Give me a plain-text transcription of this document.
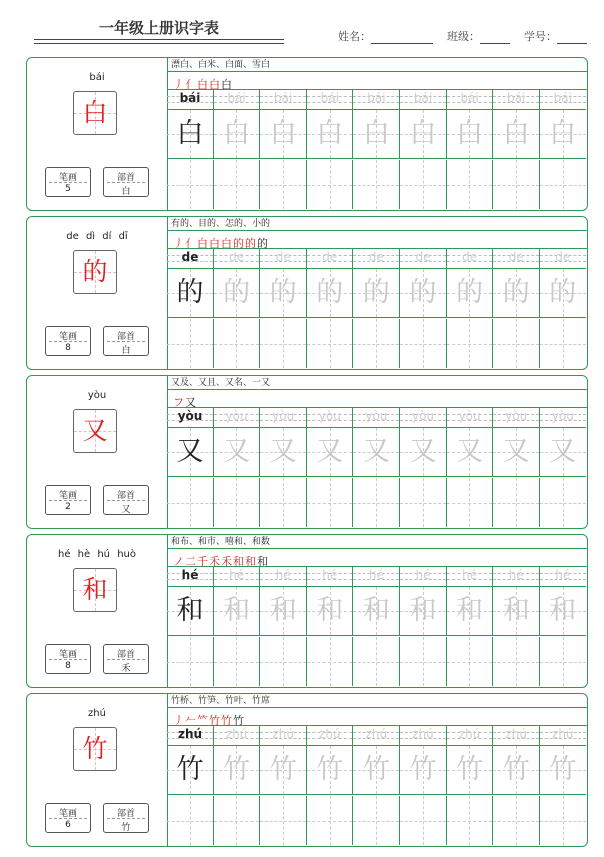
一年级上册识字表	姓名：	班级：	学号：
bái
白
笔画
5
部首
白
漂白、白米、白面、雪白
丿亻白白白
bái
白
bái
白
bái
白
bái
白
bái
白
bái
白
bái
白
bái
白
bái
白
de dì dí dī
的
笔画
8
部首
白
有的、目的、怎的、小的
丿亻白白白的的的
de
的
de
的
de
的
de
的
de
的
de
的
de
的
de
的
de
的
yòu
又
笔画
2
部首
又
又及、又且、又名、一又
フ又
yòu
又
yòu
又
yòu
又
yòu
又
yòu
又
yòu
又
yòu
又
yòu
又
yòu
又
hé hè hú huò
和
笔画
8
部首
禾
和布、和市、嘻和、和数
ノ二千禾禾和和和
hé
和
hé
和
hé
和
hé
和
hé
和
hé
和
hé
和
hé
和
hé
和
zhú
竹
笔画
6
部首
竹
竹桥、竹笋、竹叶、竹席
丿𠂉𥫗竹竹竹
zhú
竹
zhú
竹
zhú
竹
zhú
竹
zhú
竹
zhú
竹
zhú
竹
zhú
竹
zhú
竹
